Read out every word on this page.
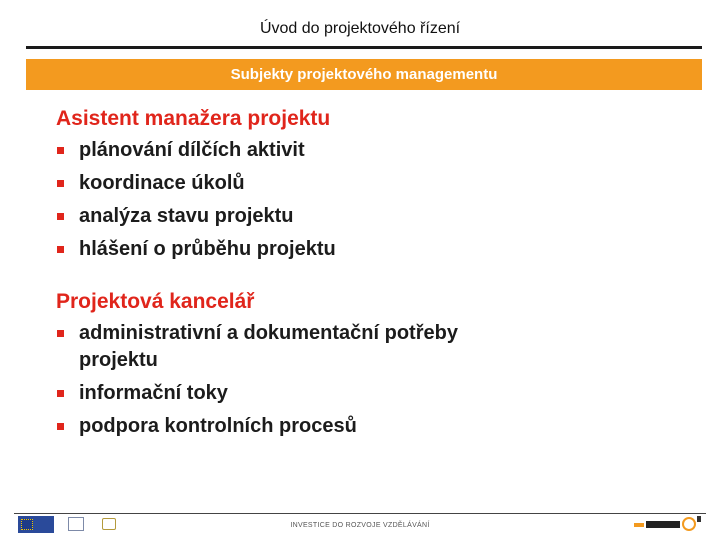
Úvod do projektového řízení
Subjekty projektového managementu
Asistent manažera projektu
plánování dílčích aktivit
koordinace úkolů
analýza stavu projektu
hlášení o průběhu projektu
Projektová kancelář
administrativní a dokumentační potřeby projektu
informační toky
podpora kontrolních procesů
INVESTICE DO ROZVOJE VZDĚLÁVÁNÍ
